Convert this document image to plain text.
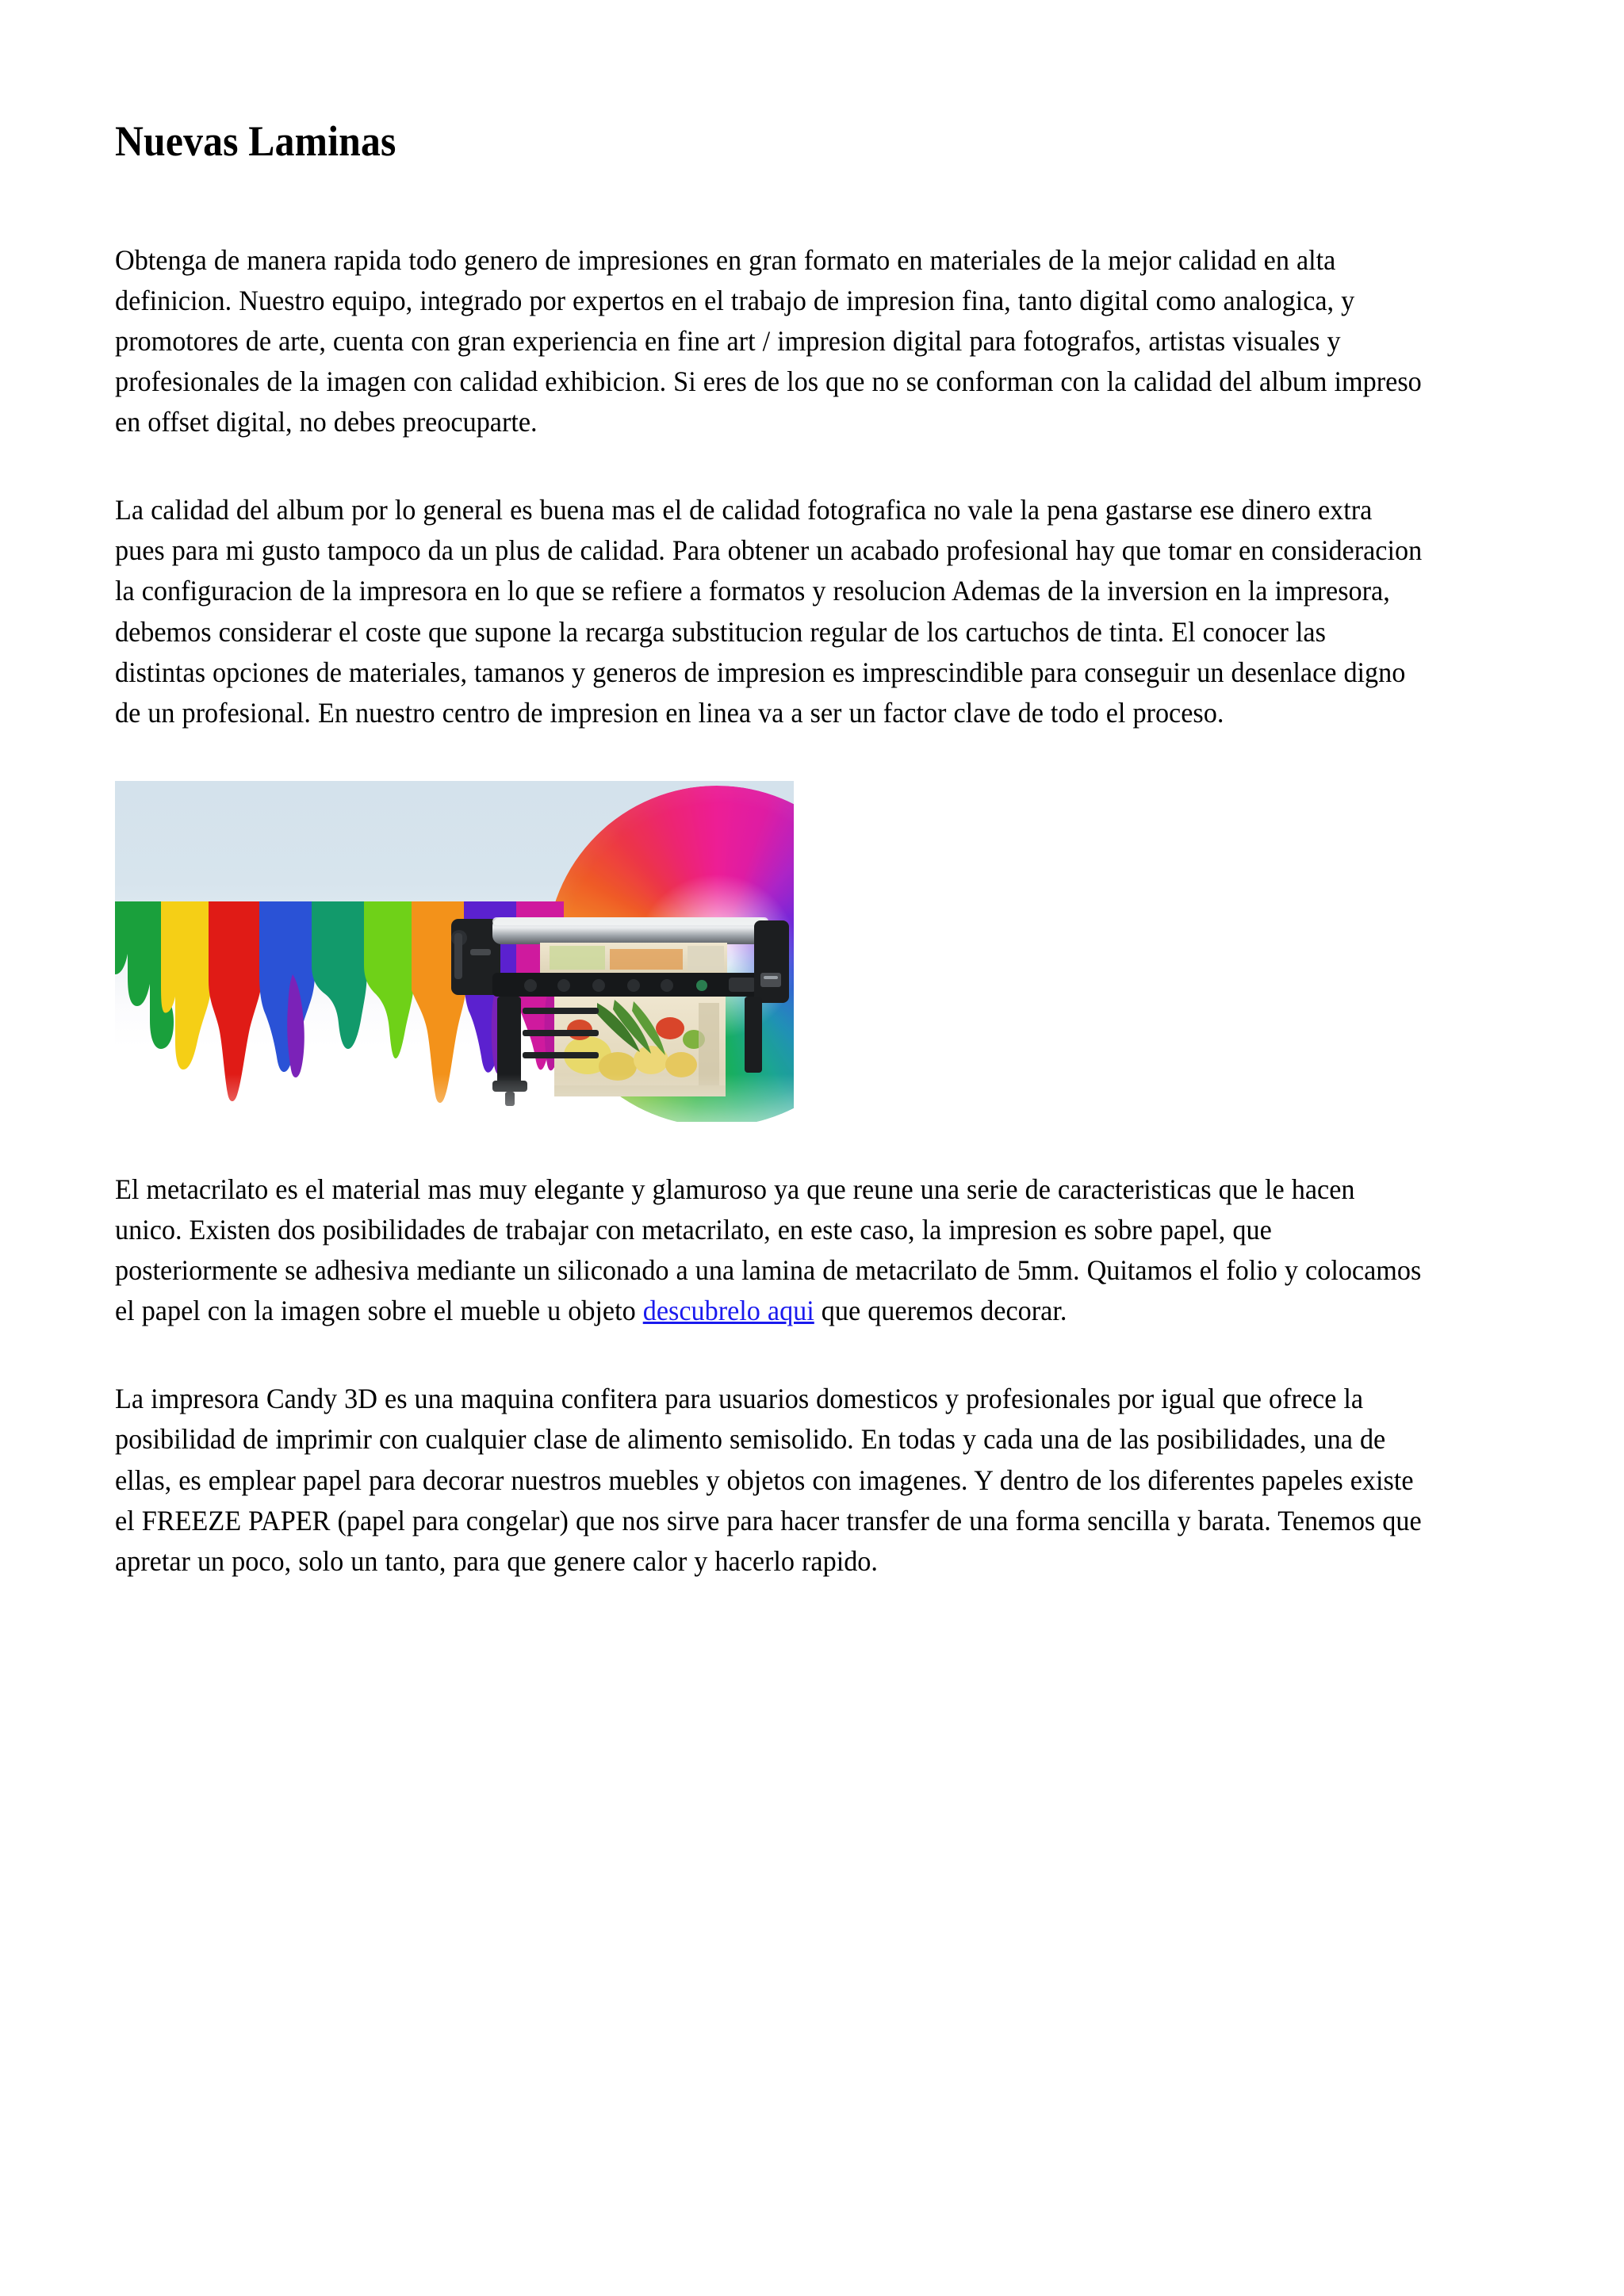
Nuevas Laminas

Obtenga de manera rapida todo genero de impresiones en gran formato en materiales de la mejor calidad en alta definicion. Nuestro equipo, integrado por expertos en el trabajo de impresion fina, tanto digital como analogica, y promotores de arte, cuenta con gran experiencia en fine art / impresion digital para fotografos, artistas visuales y profesionales de la imagen con calidad exhibicion. Si eres de los que no se conforman con la calidad del album impreso en offset digital, no debes preocuparte.

La calidad del album por lo general es buena mas el de calidad fotografica no vale la pena gastarse ese dinero extra pues para mi gusto tampoco da un plus de calidad. Para obtener un acabado profesional hay que tomar en consideracion la configuracion de la impresora en lo que se refiere a formatos y resolucion Ademas de la inversion en la impresora, debemos considerar el coste que supone la recarga substitucion regular de los cartuchos de tinta. El conocer las distintas opciones de materiales, tamanos y generos de impresion es imprescindible para conseguir un desenlace digno de un profesional. En nuestro centro de impresion en linea va a ser un factor clave de todo el proceso.

El metacrilato es el material mas muy elegante y glamuroso ya que reune una serie de caracteristicas que le hacen unico. Existen dos posibilidades de trabajar con metacrilato, en este caso, la impresion es sobre papel, que posteriormente se adhesiva mediante un siliconado a una lamina de metacrilato de 5mm. Quitamos el folio y colocamos el papel con la imagen sobre el mueble u objeto descubrelo aqui que queremos decorar.

La impresora Candy 3D es una maquina confitera para usuarios domesticos y profesionales por igual que ofrece la posibilidad de imprimir con cualquier clase de alimento semisolido. En todas y cada una de las posibilidades, una de ellas, es emplear papel para decorar nuestros muebles y objetos con imagenes. Y dentro de los diferentes papeles existe el FREEZE PAPER (papel para congelar) que nos sirve para hacer transfer de una forma sencilla y barata. Tenemos que apretar un poco, solo un tanto, para que genere calor y hacerlo rapido.
